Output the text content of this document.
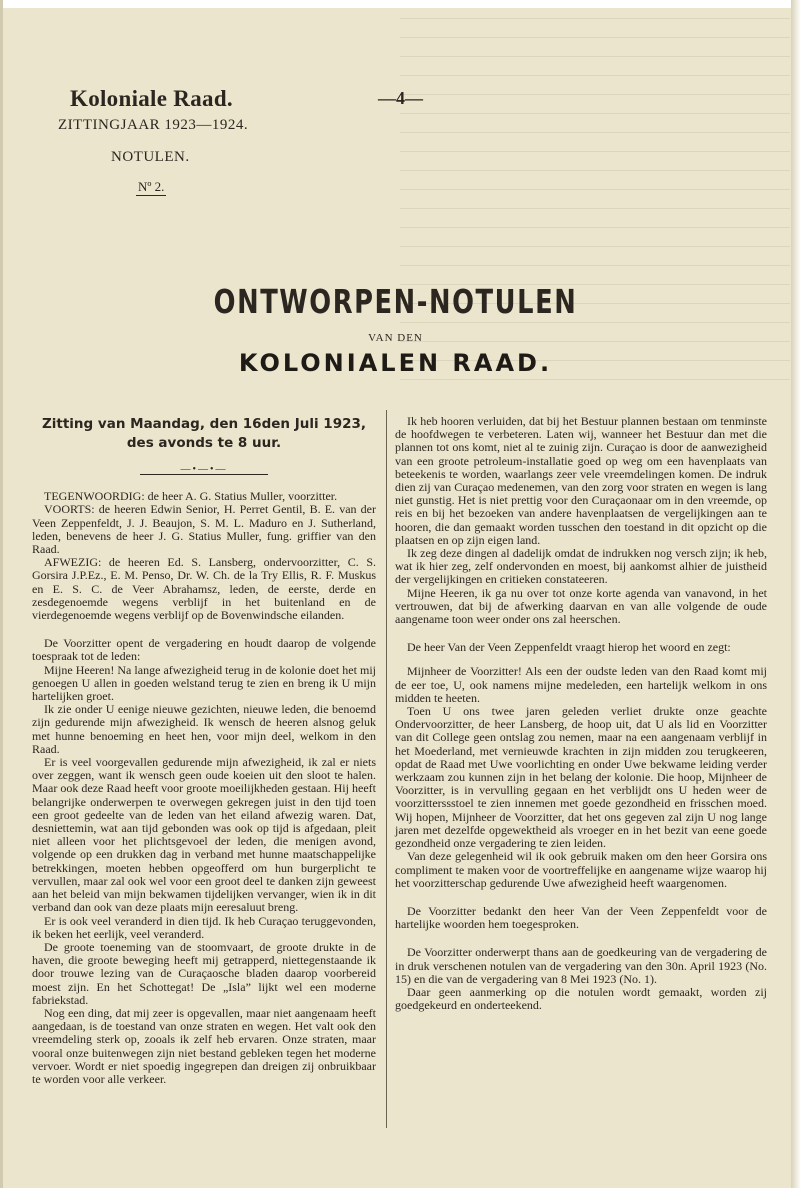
Koloniale Raad.
ZITTINGJAAR 1923—1924.
—4—
NOTULEN.
Nº 2.
ONTWORPEN-NOTULEN
VAN DEN
KOLONIALEN RAAD.

Zitting van Maandag, den 16den Juli 1923, des avonds te 8 uur.

—•—•—

TEGENWOORDIG: de heer A. G. Statius Muller, voorzitter.

VOORTS: de heeren Edwin Senior, H. Perret Gentil, B. E. van der Veen Zeppenfeldt, J. J. Beaujon, S. M. L. Maduro en J. Sutherland, leden, benevens de heer J. G. Statius Muller, fung. griffier van den Raad.

AFWEZIG: de heeren Ed. S. Lansberg, ondervoorzitter, C. S. Gorsira J.P.Ez., E. M. Penso, Dr. W. Ch. de la Try Ellis, R. F. Muskus en E. S. C. de Veer Abrahamsz, leden, de eerste, derde en zesdegenoemde wegens verblijf in het buitenland en de vierdegenoemde wegens verblijf op de Bovenwindsche eilanden.

De Voorzitter opent de vergadering en houdt daarop de volgende toespraak tot de leden:

Mijne Heeren! Na lange afwezigheid terug in de kolonie doet het mij genoegen U allen in goeden welstand terug te zien en breng ik U mijn hartelijken groet.

Ik zie onder U eenige nieuwe gezichten, nieuwe leden, die benoemd zijn gedurende mijn afwezigheid. Ik wensch de heeren alsnog geluk met hunne benoeming en heet hen, voor mijn deel, welkom in den Raad.

Er is veel voorgevallen gedurende mijn afwezigheid, ik zal er niets over zeggen, want ik wensch geen oude koeien uit den sloot te halen. Maar ook deze Raad heeft voor groote moeilijkheden gestaan. Hij heeft belangrijke onderwerpen te overwegen gekregen juist in den tijd toen een groot gedeelte van de leden van het eiland afwezig waren. Dat, desniettemin, wat aan tijd gebonden was ook op tijd is afgedaan, pleit niet alleen voor het plichtsgevoel der leden, die menigen avond, volgende op een drukken dag in verband met hunne maatschappelijke betrekkingen, moeten hebben opgeofferd om hun burgerplicht te vervullen, maar zal ook wel voor een groot deel te danken zijn geweest aan het beleid van mijn bekwamen tijdelijken vervanger, wien ik in dit verband dan ook van deze plaats mijn eeresaluut breng.

Er is ook veel veranderd in dien tijd. Ik heb Curaçao teruggevonden, ik beken het eerlijk, veel veranderd.

De groote toeneming van de stoomvaart, de groote drukte in de haven, die groote beweging heeft mij getrapperd, niettegenstaande ik door trouwe lezing van de Curaçaosche bladen daarop voorbereid moest zijn. En het Schottegat! De „Isla” lijkt wel een moderne fabriekstad.

Nog een ding, dat mij zeer is opgevallen, maar niet aangenaam heeft aangedaan, is de toestand van onze straten en wegen. Het valt ook den vreemdeling sterk op, zooals ik zelf heb ervaren. Onze straten, maar vooral onze buitenwegen zijn niet bestand gebleken tegen het moderne vervoer. Wordt er niet spoedig ingegrepen dan dreigen zij onbruikbaar te worden voor alle verkeer.

Ik heb hooren verluiden, dat bij het Bestuur plannen bestaan om tenminste de hoofdwegen te verbeteren. Laten wij, wanneer het Bestuur dan met die plannen tot ons komt, niet al te zuinig zijn. Curaçao is door de aanwezigheid van een groote petroleum-installatie goed op weg om een havenplaats van beteekenis te worden, waarlangs zeer vele vreemdelingen komen. De indruk dien zij van Curaçao medenemen, van den zorg voor straten en wegen is lang niet gunstig. Het is niet prettig voor den Curaçaonaar om in den vreemde, op reis en bij het bezoeken van andere havenplaatsen de vergelijkingen aan te hooren, die dan gemaakt worden tusschen den toestand in dit opzicht op die plaatsen en op zijn eigen land.

Ik zeg deze dingen al dadelijk omdat de indrukken nog versch zijn; ik heb, wat ik hier zeg, zelf ondervonden en moest, bij aankomst alhier de juistheid der vergelijkingen en critieken constateeren.

Mijne Heeren, ik ga nu over tot onze korte agenda van vanavond, in het vertrouwen, dat bij de afwerking daarvan en van alle volgende de oude aangename toon weer onder ons zal heerschen.

De heer Van der Veen Zeppenfeldt vraagt hierop het woord en zegt:

Mijnheer de Voorzitter! Als een der oudste leden van den Raad komt mij de eer toe, U, ook namens mijne medeleden, een hartelijk welkom in ons midden te heeten.

Toen U ons twee jaren geleden verliet drukte onze geachte Ondervoorzitter, de heer Lansberg, de hoop uit, dat U als lid en Voorzitter van dit College geen ontslag zou nemen, maar na een aangenaam verblijf in het Moederland, met vernieuwde krachten in zijn midden zou terugkeeren, opdat de Raad met Uwe voorlichting en onder Uwe bekwame leiding verder werkzaam zou kunnen zijn in het belang der kolonie. Die hoop, Mijnheer de Voorzitter, is in vervulling gegaan en het verblijdt ons U heden weer de voorzitterssstoel te zien innemen met goede gezondheid en frisschen moed. Wij hopen, Mijnheer de Voorzitter, dat het ons gegeven zal zijn U nog lange jaren met dezelfde opgewektheid als vroeger en in het bezit van eene goede gezondheid onze vergadering te zien leiden.

Van deze gelegenheid wil ik ook gebruik maken om den heer Gorsira ons compliment te maken voor de voortreffelijke en aangename wijze waarop hij het voorzitterschap gedurende Uwe afwezigheid heeft waargenomen.

De Voorzitter bedankt den heer Van der Veen Zeppenfeldt voor de hartelijke woorden hem toegesproken.

De Voorzitter onderwerpt thans aan de goedkeuring van de vergadering de in druk verschenen notulen van de vergadering van den 30n. April 1923 (No. 15) en die van de vergadering van 8 Mei 1923 (No. 1).

Daar geen aanmerking op die notulen wordt gemaakt, worden zij goedgekeurd en onderteekend.
